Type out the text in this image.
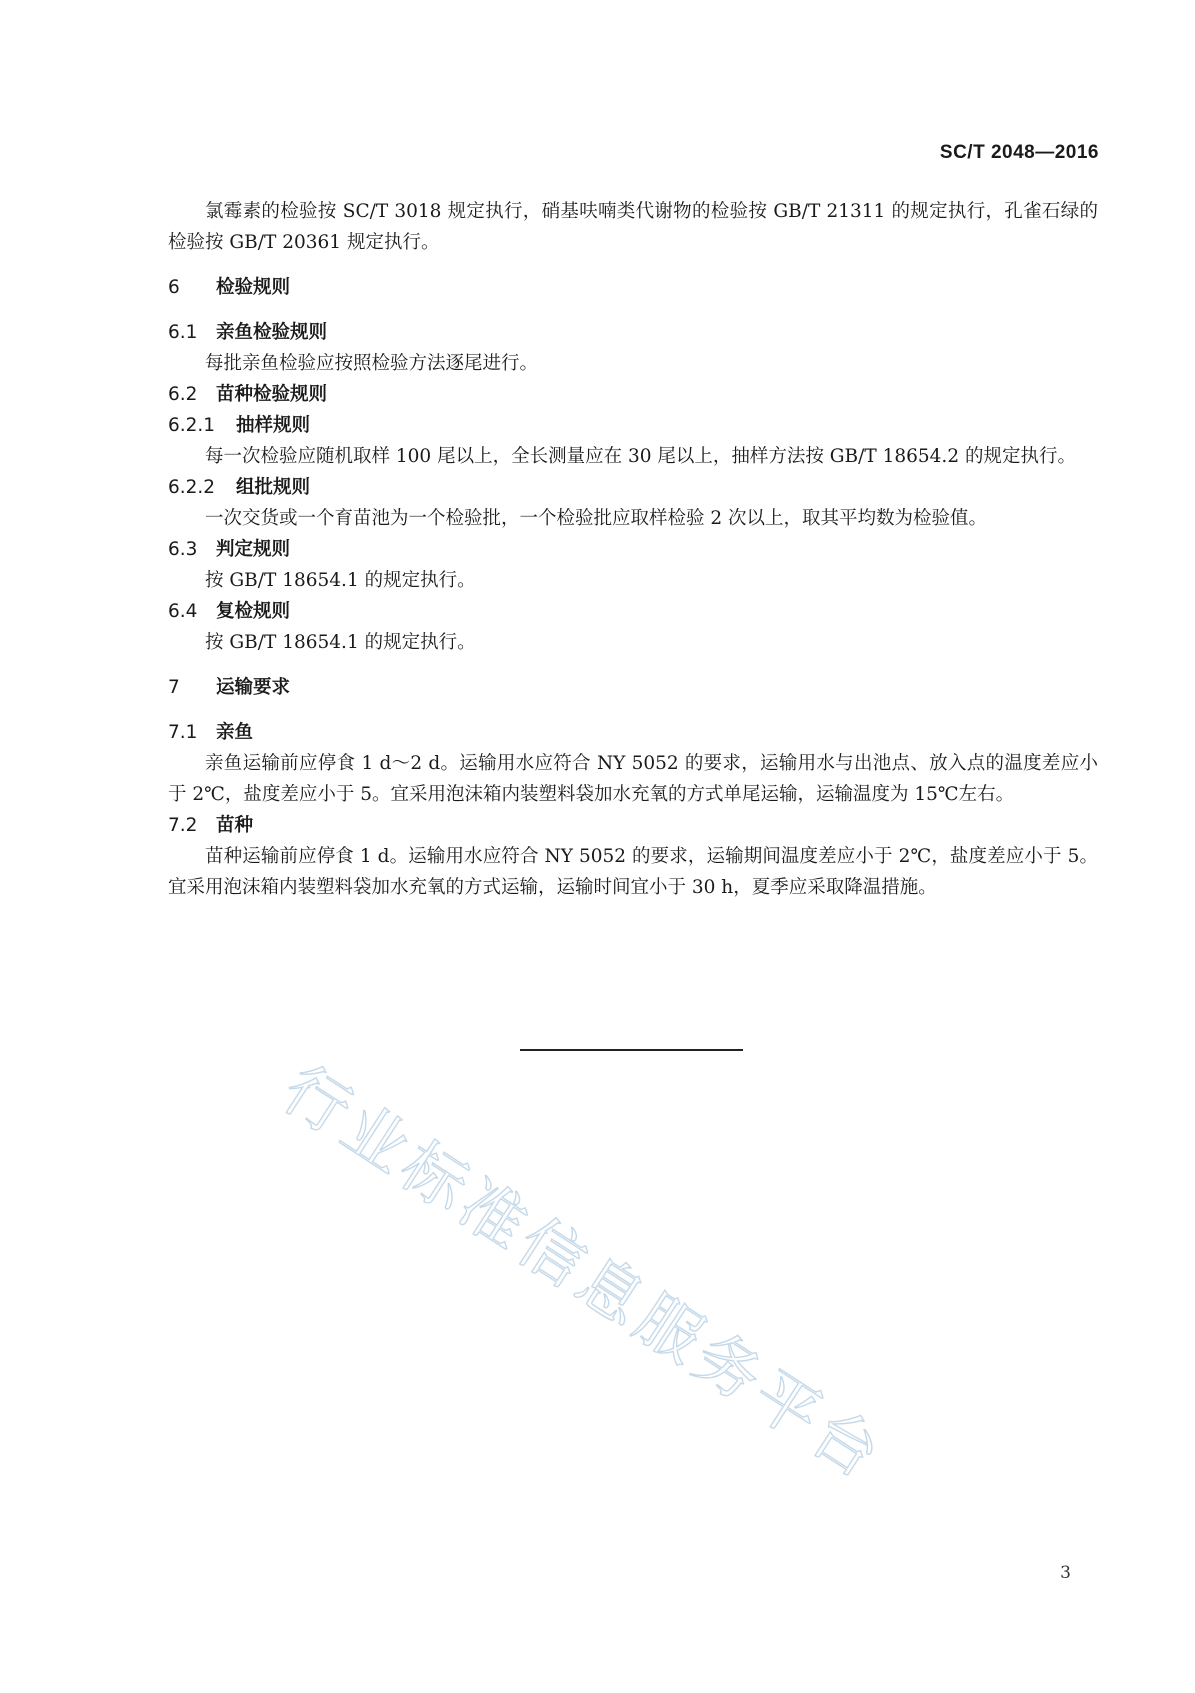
SC/T 2048—2016

氯霉素的检验按 SC/T 3018 规定执行，硝基呋喃类代谢物的检验按 GB/T 21311 的规定执行，孔雀石绿的检验按 GB/T 20361 规定执行。

6 检验规则
6.1 亲鱼检验规则

每批亲鱼检验应按照检验方法逐尾进行。

6.2 苗种检验规则
6.2.1 抽样规则

每一次检验应随机取样 100 尾以上，全长测量应在 30 尾以上，抽样方法按 GB/T 18654.2 的规定执行。

6.2.2 组批规则

一次交货或一个育苗池为一个检验批，一个检验批应取样检验 2 次以上，取其平均数为检验值。

6.3 判定规则

按 GB/T 18654.1 的规定执行。

6.4 复检规则

按 GB/T 18654.1 的规定执行。

7 运输要求
7.1 亲鱼

亲鱼运输前应停食 1 d～2 d。运输用水应符合 NY 5052 的要求，运输用水与出池点、放入点的温度差应小于 2℃，盐度差应小于 5。宜采用泡沫箱内装塑料袋加水充氧的方式单尾运输，运输温度为 15℃左右。

7.2 苗种

苗种运输前应停食 1 d。运输用水应符合 NY 5052 的要求，运输期间温度差应小于 2℃，盐度差应小于 5。宜采用泡沫箱内装塑料袋加水充氧的方式运输，运输时间宜小于 30 h，夏季应采取降温措施。

行业标准信息服务平台
3
